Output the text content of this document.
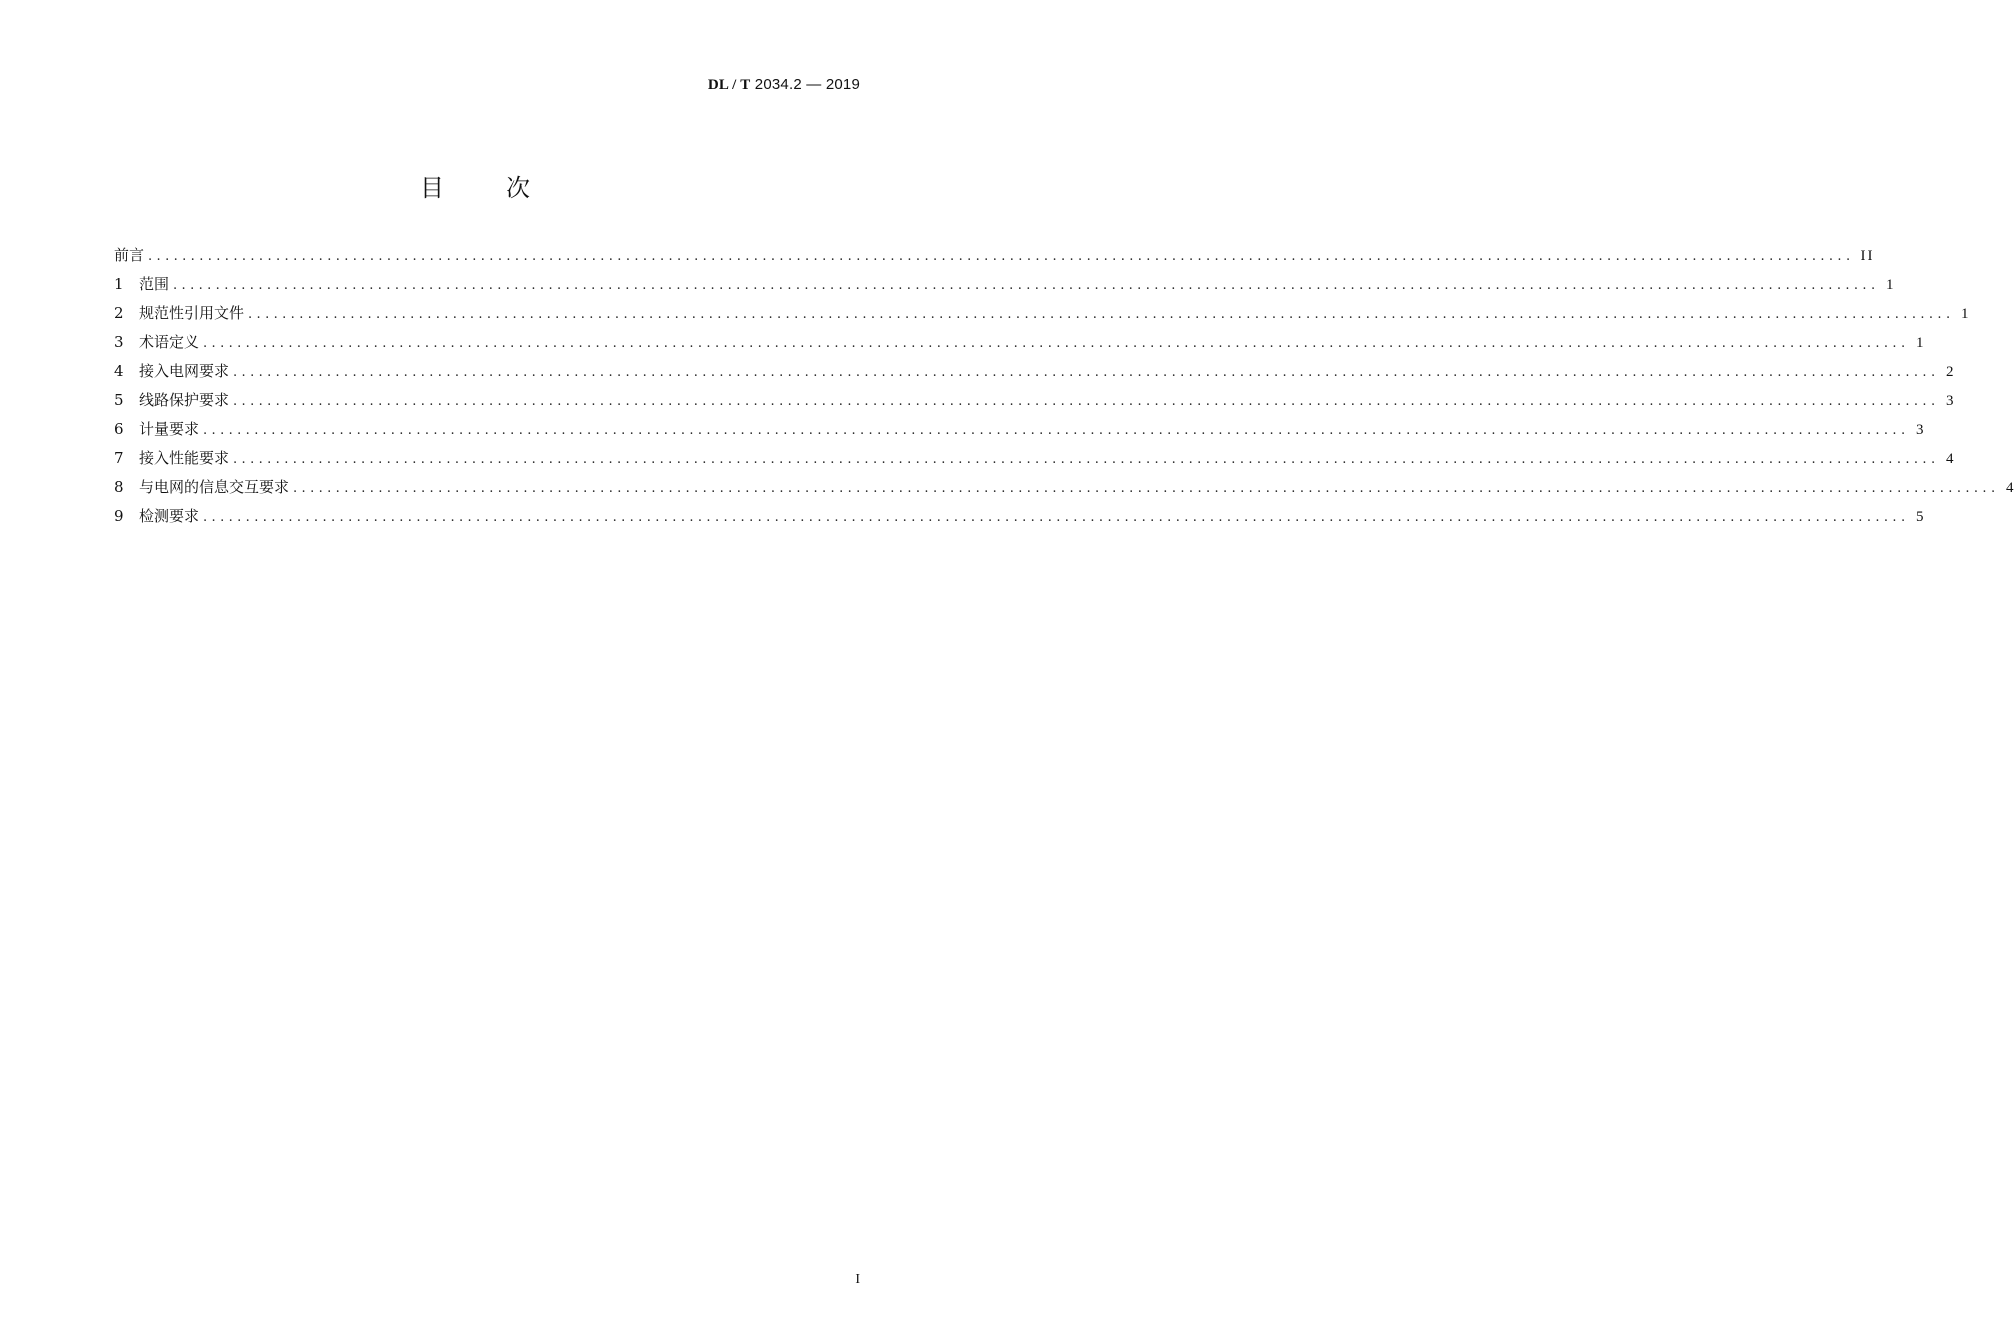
DL / T 2034.2 — 2019
目	次
前言 ........................................................................................................................................................................................................ II
1	范围 ........................................................................................................................................................................................................ 1
2	规范性引用文件 ........................................................................................................................................................................................................ 1
3	术语定义 ........................................................................................................................................................................................................ 1
4	接入电网要求 ........................................................................................................................................................................................................ 2
5	线路保护要求 ........................................................................................................................................................................................................ 3
6	计量要求 ........................................................................................................................................................................................................ 3
7	接入性能要求 ........................................................................................................................................................................................................ 4
8	与电网的信息交互要求 ........................................................................................................................................................................................................ 4
9	检测要求 ........................................................................................................................................................................................................ 5
I
